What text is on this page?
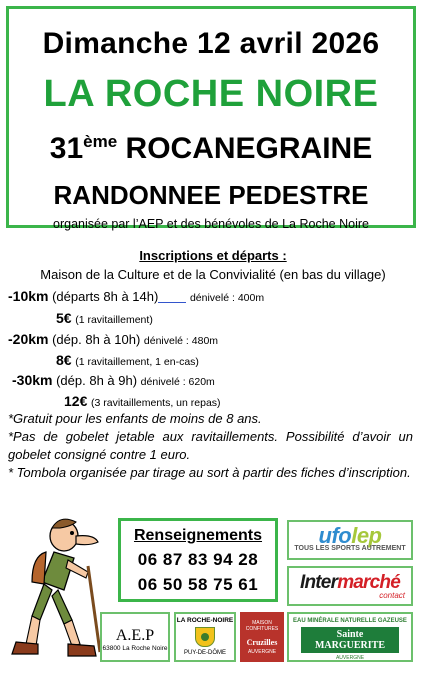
Dimanche 12 avril 2026
LA ROCHE NOIRE
31ème ROCANEGRAINE
RANDONNEE PEDESTRE
organisée par l’AEP et des bénévoles de La Roche Noire
Inscriptions et départs :
Maison de la Culture et de la Convivialité (en bas du village)
-10km (départs 8h à 14h)	dénivelé : 400m
5€ (1 ravitaillement)
-20km (dép. 8h à 10h) dénivelé : 480m
8€ (1 ravitaillement, 1 en-cas)
-30km (dép. 8h à 9h) dénivelé : 620m
12€ (3 ravitaillements, un repas)

*Gratuit pour les enfants de moins de 8 ans.

*Pas de gobelet jetable aux ravitaillements. Possibilité d’avoir un gobelet consigné contre 1 euro.

* Tombola organisée par tirage au sort à partir des fiches d’inscription.

Renseignements
06 87 83 94 28
06 50 58 75 61
ufolep
TOUS LES SPORTS AUTREMENT
Intermarché
contact
A.E.P
63800 La Roche Noire
LA ROCHE-NOIRE
PUY-DE-DÔME
MAISON CONFITURES
Cruzilles
AUVERGNE
EAU MINÉRALE NATURELLE GAZEUSE
Sainte MARGUERITE
AUVERGNE
